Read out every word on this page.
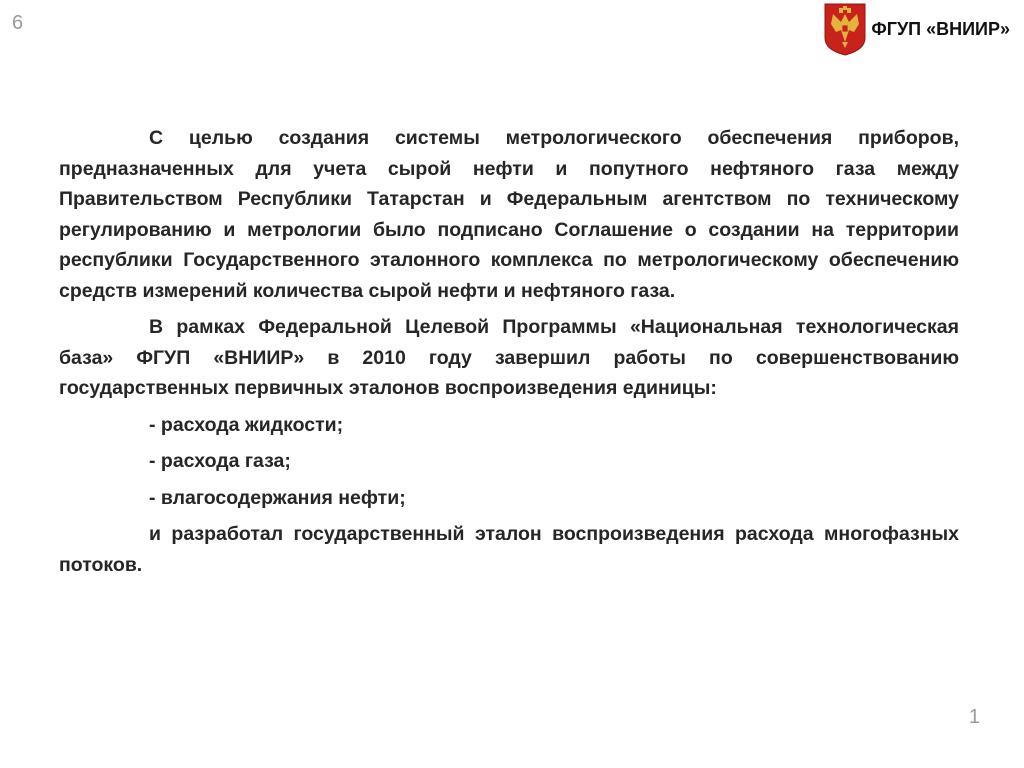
6	ФГУП «ВНИИР»

С целью создания системы метрологического обеспечения приборов, предназначенных для учета сырой нефти и попутного нефтяного газа между Правительством Республики Татарстан и Федеральным агентством по техническому регулированию и метрологии было подписано Соглашение о создании на территории республики Государственного эталонного комплекса по метрологическому обеспечению средств измерений количества сырой нефти и нефтяного газа.

В рамках Федеральной Целевой Программы «Национальная технологическая база» ФГУП «ВНИИР» в 2010 году завершил работы по совершенствованию государственных первичных эталонов воспроизведения единицы:

- расхода жидкости;

- расхода газа;

- влагосодержания нефти;

и разработал государственный эталон воспроизведения расхода многофазных потоков.

1
